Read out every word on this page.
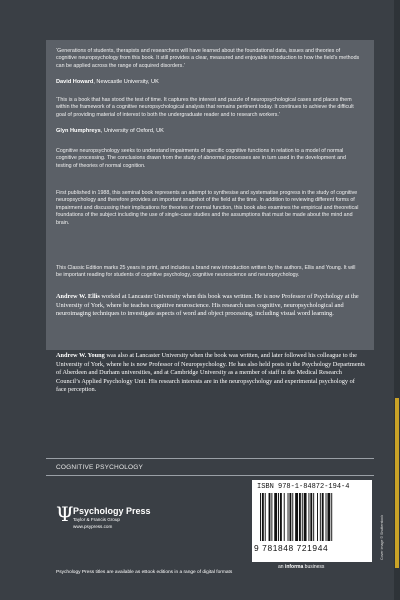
‘Generations of students, therapists and researchers will have learned about the foundational data, issues and theories of cognitive neuropsychology from this book. It still provides a clear, measured and enjoyable introduction to how the field’s methods can be applied across the range of acquired disorders.’

David Howard, Newcastle University, UK

‘This is a book that has stood the test of time. It captures the interest and puzzle of neuropsychological cases and places them within the framework of a cognitive neuropsychological analysis that remains pertinent today. It continues to achieve the difficult goal of providing material of interest to both the undergraduate reader and to research workers.’

Glyn Humphreys, University of Oxford, UK

Cognitive neuropsychology seeks to understand impairments of specific cognitive functions in relation to a model of normal cognitive processing. The conclusions drawn from the study of abnormal processes are in turn used in the development and testing of theories of normal cognition.

First published in 1988, this seminal book represents an attempt to synthesise and systematise progress in the study of cognitive neuropsychology and therefore provides an important snapshot of the field at the time. In addition to reviewing different forms of impairment and discussing their implications for theories of normal function, this book also examines the empirical and theoretical foundations of the subject including the use of single-case studies and the assumptions that must be made about the mind and brain.

This Classic Edition marks 25 years in print, and includes a brand new introduction written by the authors, Ellis and Young. It will be important reading for students of cognitive psychology, cognitive neuroscience and neuropsychology.

Andrew W. Ellis worked at Lancaster University when this book was written. He is now Professor of Psychology at the University of York, where he teaches cognitive neuroscience. His research uses cognitive, neuropsychological and neuroimaging techniques to investigate aspects of word and object processing, including visual word learning.

Andrew W. Young was also at Lancaster University when the book was written, and later followed his colleague to the University of York, where he is now Professor of Neuropsychology. He has also held posts in the Psychology Departments of Aberdeen and Durham universities, and at Cambridge University as a member of staff in the Medical Research Council’s Applied Psychology Unit. His research interests are in the neuropsychology and experimental psychology of face perception.

COGNITIVE PSYCHOLOGY
Ψ Psychology Press
Taylor & Francis Group
www.psypress.com
Psychology Press titles are available as eBook editions in a range of digital formats
ISBN 978-1-84872-194-4
9 781848 721944
an informa business
Cover image © Shutterstock
